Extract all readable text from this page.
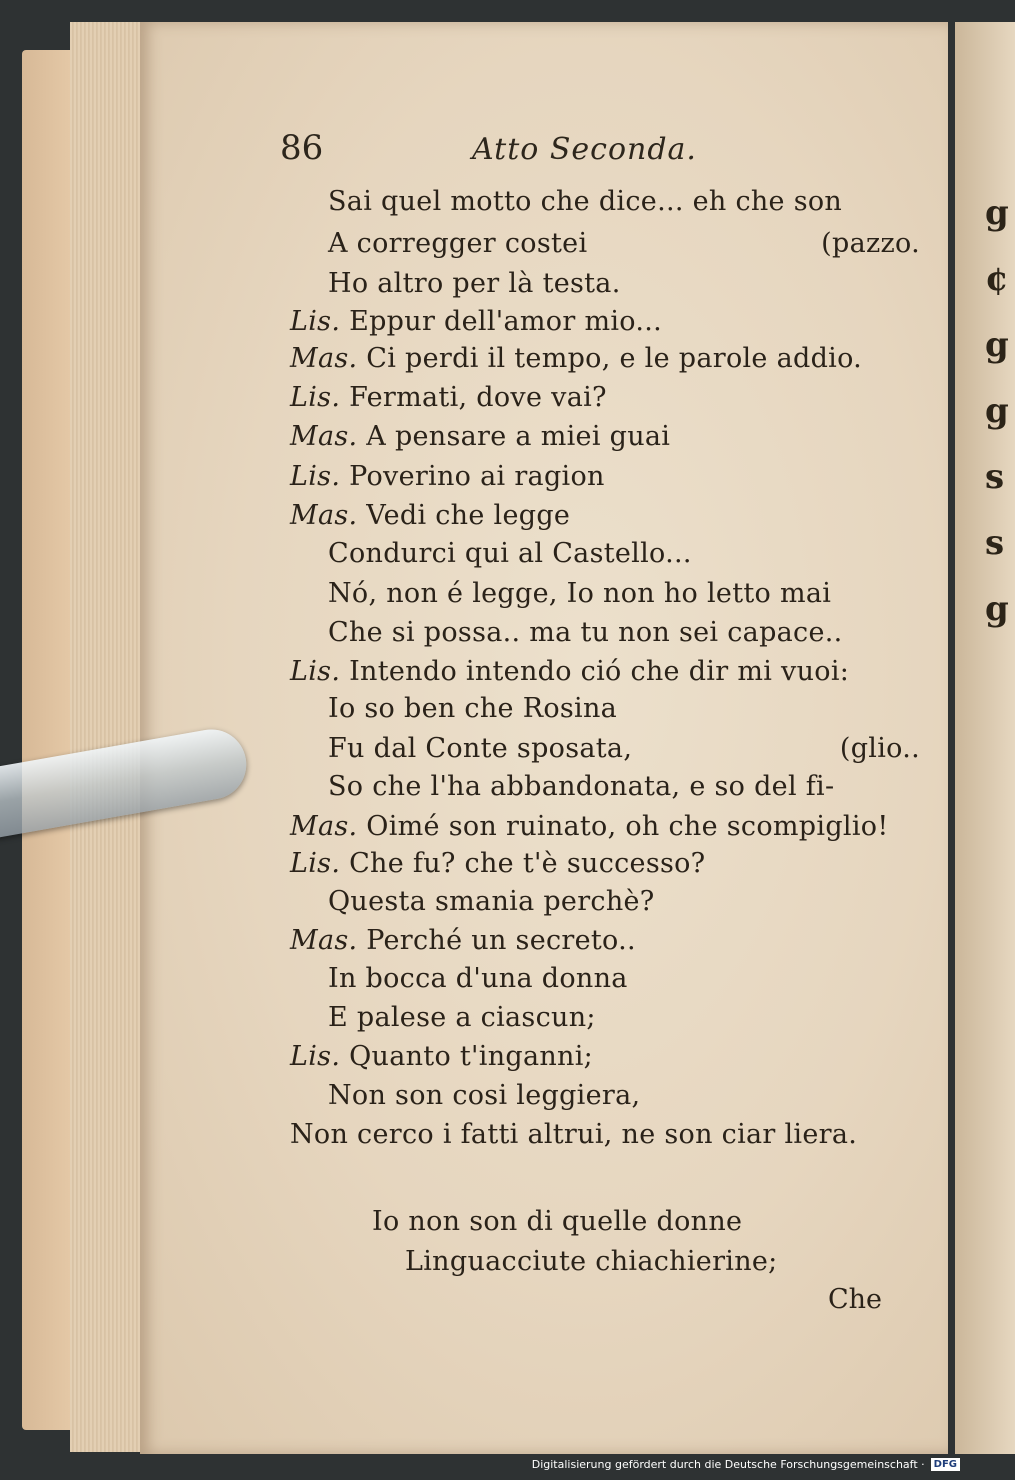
g
¢
g
g
s
s
g
86	Atto Seconda.
Sai quel motto che dice... eh che son
A corregger costei	(pazzo.
Ho altro per là testa.
Lis. Eppur dell'amor mio...
Mas. Ci perdi il tempo, e le parole addio.
Lis. Fermati, dove vai?
Mas. A pensare a miei guai
Lis. Poverino ai ragion
Mas. Vedi che legge
Condurci qui al Castello...
Nó, non é legge, Io non ho letto mai
Che si possa.. ma tu non sei capace..
Lis. Intendo intendo ció che dir mi vuoi:
Io so ben che Rosina
Fu dal Conte sposata,	(glio..
So che l'ha abbandonata, e so del fi-
Mas. Oimé son ruinato, oh che scompiglio!
Lis. Che fu? che t'è successo?
Questa smania perchè?
Mas. Perché un secreto..
In bocca d'una donna
E palese a ciascun;
Lis. Quanto t'inganni;
Non son cosi leggiera,
Non cerco i fatti altrui, ne son ciar liera.
Io non son di quelle donne
Linguacciute chiachierine;
Che
Digitalisierung gefördert durch die Deutsche Forschungsgemeinschaft · DFG
